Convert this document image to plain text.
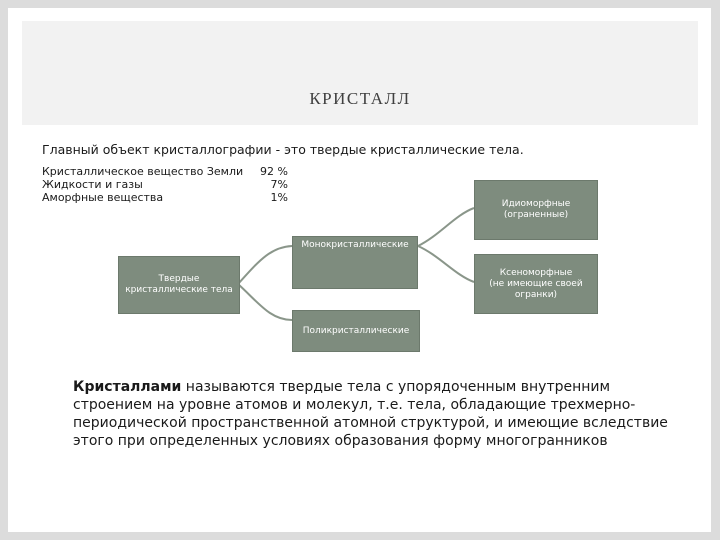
КРИСТАЛЛ
Главный объект кристаллографии - это твердые кристаллические тела.
Кристаллическое вещество Земли 92 %
Жидкости и газы	7%
Аморфные вещества	1%
Твердые
кристаллические тела
Монокристаллические
Поликристаллические
Идиоморфные
(ограненные)
Ксеноморфные
(не имеющие своей
огранки)
Кристаллами называются твердые тела с упорядоченным внутренним строением на уровне атомов и молекул, т.е. тела, обладающие трехмерно-периодической пространственной атомной структурой, и имеющие вследствие этого при определенных условиях образования форму многогранников
